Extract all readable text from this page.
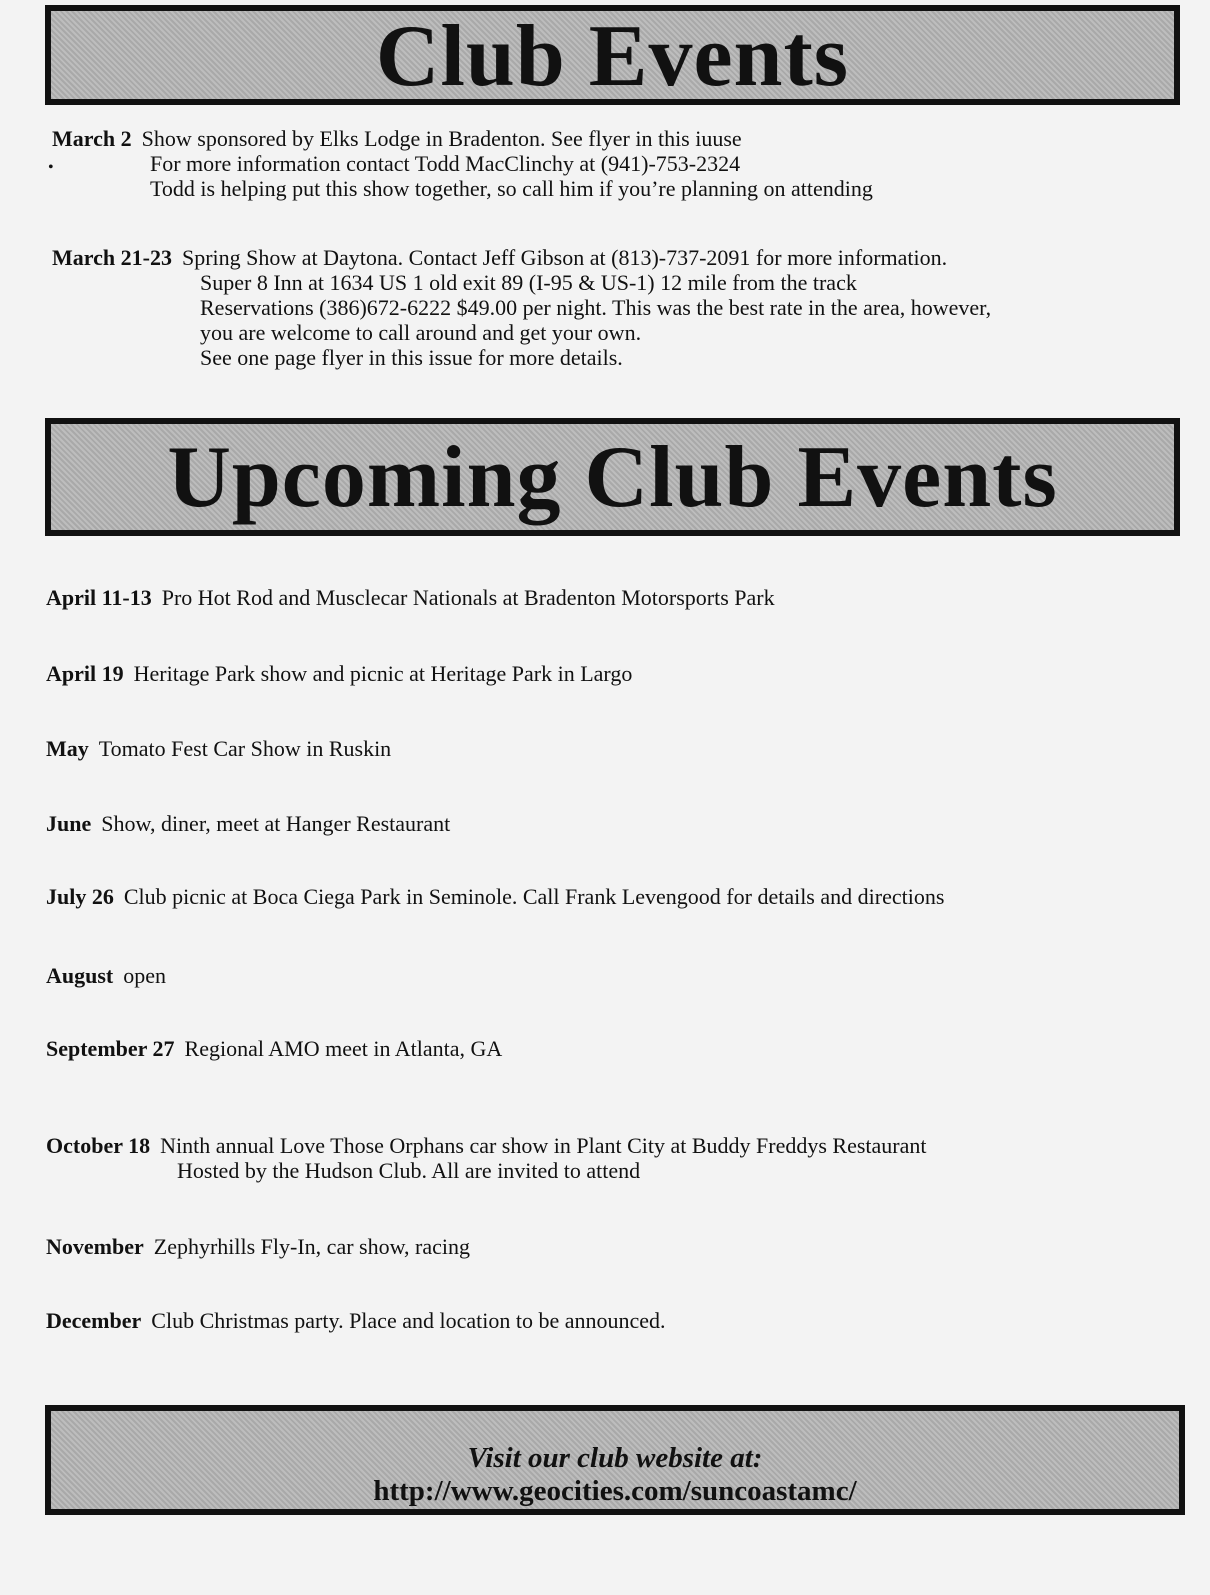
Club Events
•
March 2 Show sponsored by Elks Lodge in Bradenton. See flyer in this iuuse
For more information contact Todd MacClinchy at (941)-753-2324
Todd is helping put this show together, so call him if you’re planning on attending
March 21-23 Spring Show at Daytona. Contact Jeff Gibson at (813)-737-2091 for more information.
Super 8 Inn at 1634 US 1 old exit 89 (I-95 & US-1) 12 mile from the track
Reservations (386)672-6222 $49.00 per night. This was the best rate in the area, however,
you are welcome to call around and get your own.
See one page flyer in this issue for more details.
Upcoming Club Events
April 11-13 Pro Hot Rod and Musclecar Nationals at Bradenton Motorsports Park
April 19 Heritage Park show and picnic at Heritage Park in Largo
May Tomato Fest Car Show in Ruskin
June Show, diner, meet at Hanger Restaurant
July 26 Club picnic at Boca Ciega Park in Seminole. Call Frank Levengood for details and directions
August open
September 27 Regional AMO meet in Atlanta, GA
October 18 Ninth annual Love Those Orphans car show in Plant City at Buddy Freddys Restaurant
Hosted by the Hudson Club. All are invited to attend
November Zephyrhills Fly-In, car show, racing
December Club Christmas party. Place and location to be announced.
Visit our club website at:
http://www.geocities.com/suncoastamc/
